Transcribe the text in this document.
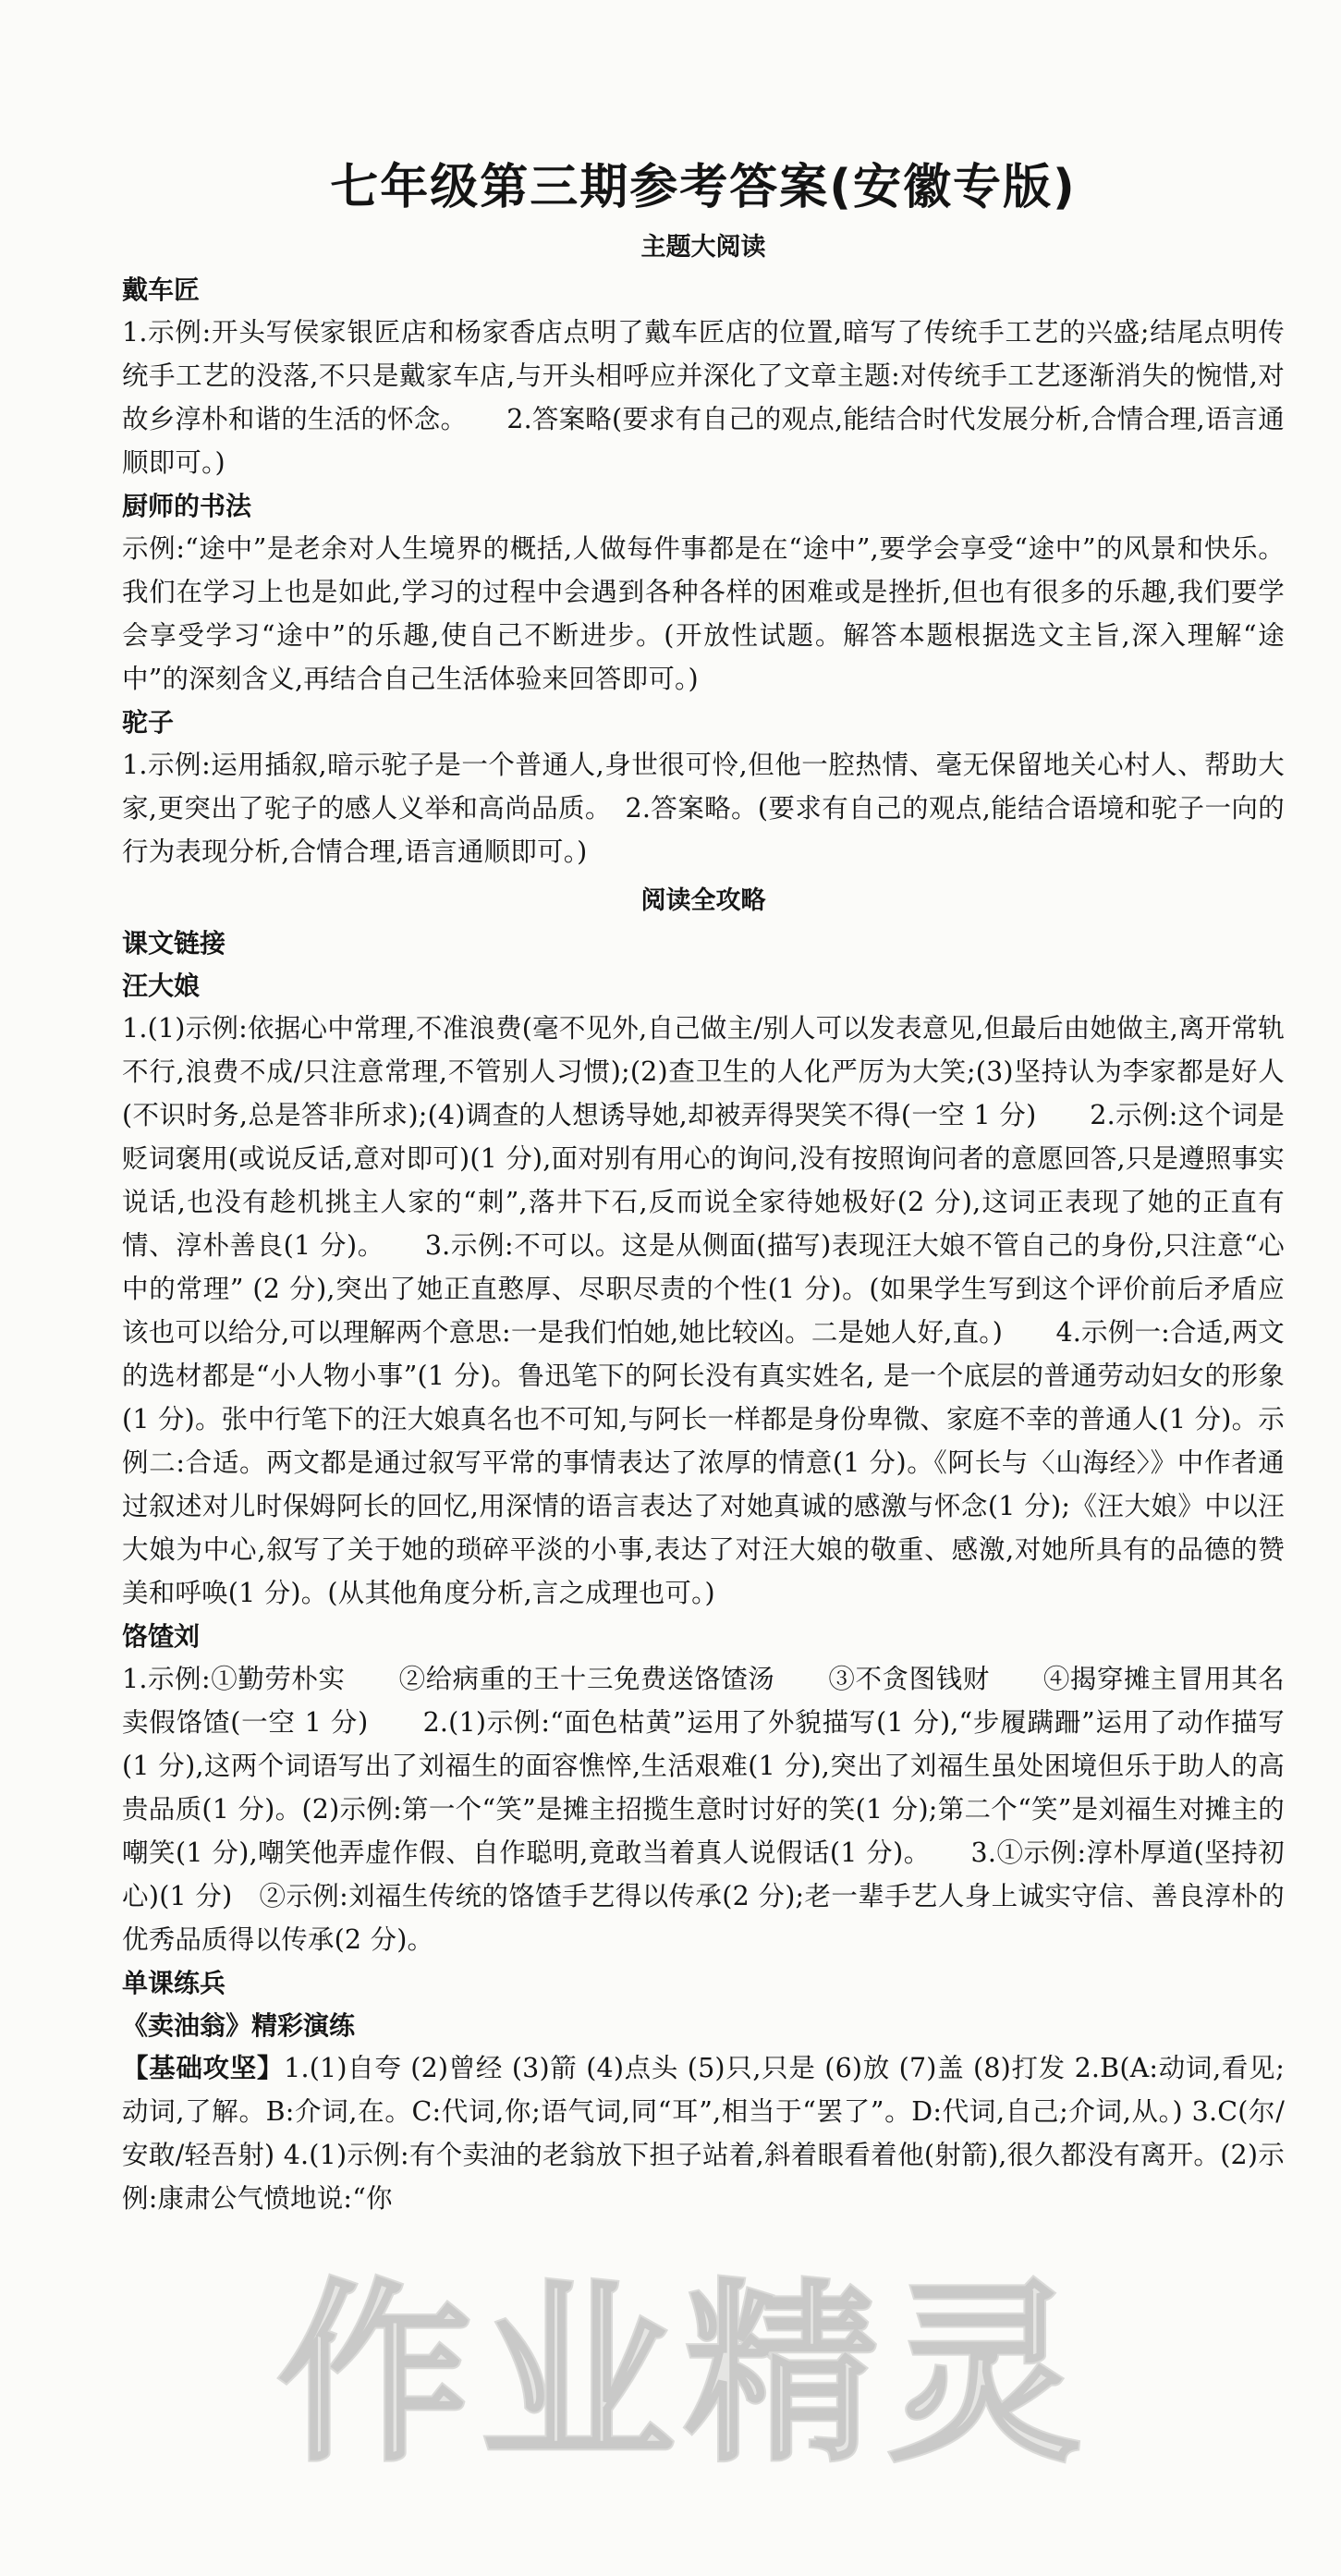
七年级第三期参考答案(安徽专版)
主题大阅读
戴车匠

1.示例:开头写侯家银匠店和杨家香店点明了戴车匠店的位置,暗写了传统手工艺的兴盛;结尾点明传统手工艺的没落,不只是戴家车店,与开头相呼应并深化了文章主题:对传统手工艺逐渐消失的惋惜,对故乡淳朴和谐的生活的怀念。　　2.答案略(要求有自己的观点,能结合时代发展分析,合情合理,语言通顺即可。)

厨师的书法

示例:“途中”是老余对人生境界的概括,人做每件事都是在“途中”,要学会享受“途中”的风景和快乐。我们在学习上也是如此,学习的过程中会遇到各种各样的困难或是挫折,但也有很多的乐趣,我们要学会享受学习“途中”的乐趣,使自己不断进步。(开放性试题。解答本题根据选文主旨,深入理解“途中”的深刻含义,再结合自己生活体验来回答即可。)

驼子

1.示例:运用插叙,暗示驼子是一个普通人,身世很可怜,但他一腔热情、毫无保留地关心村人、帮助大家,更突出了驼子的感人义举和高尚品质。　2.答案略。(要求有自己的观点,能结合语境和驼子一向的行为表现分析,合情合理,语言通顺即可。)

阅读全攻略
课文链接
汪大娘

1.(1)示例:依据心中常理,不准浪费(毫不见外,自己做主/别人可以发表意见,但最后由她做主,离开常轨不行,浪费不成/只注意常理,不管别人习惯);(2)查卫生的人化严厉为大笑;(3)坚持认为李家都是好人(不识时务,总是答非所求);(4)调查的人想诱导她,却被弄得哭笑不得(一空 1 分)　　2.示例:这个词是贬词褒用(或说反话,意对即可)(1 分),面对别有用心的询问,没有按照询问者的意愿回答,只是遵照事实说话,也没有趁机挑主人家的“刺”,落井下石,反而说全家待她极好(2 分),这词正表现了她的正直有情、淳朴善良(1 分)。　　3.示例:不可以。这是从侧面(描写)表现汪大娘不管自己的身份,只注意“心中的常理” (2 分),突出了她正直憨厚、尽职尽责的个性(1 分)。(如果学生写到这个评价前后矛盾应该也可以给分,可以理解两个意思:一是我们怕她,她比较凶。二是她人好,直。)　　4.示例一:合适,两文的选材都是“小人物小事”(1 分)。鲁迅笔下的阿长没有真实姓名, 是一个底层的普通劳动妇女的形象(1 分)。张中行笔下的汪大娘真名也不可知,与阿长一样都是身份卑微、家庭不幸的普通人(1 分)。示例二:合适。两文都是通过叙写平常的事情表达了浓厚的情意(1 分)。《阿长与〈山海经〉》中作者通过叙述对儿时保姆阿长的回忆,用深情的语言表达了对她真诚的感激与怀念(1 分);《汪大娘》中以汪大娘为中心,叙写了关于她的琐碎平淡的小事,表达了对汪大娘的敬重、感激,对她所具有的品德的赞美和呼唤(1 分)。(从其他角度分析,言之成理也可。)

饹馇刘

1.示例:①勤劳朴实　　②给病重的王十三免费送饹馇汤　　③不贪图钱财　　④揭穿摊主冒用其名卖假饹馇(一空 1 分)　　2.(1)示例:“面色枯黄”运用了外貌描写(1 分),“步履蹒跚”运用了动作描写(1 分),这两个词语写出了刘福生的面容憔悴,生活艰难(1 分),突出了刘福生虽处困境但乐于助人的高贵品质(1 分)。(2)示例:第一个“笑”是摊主招揽生意时讨好的笑(1 分);第二个“笑”是刘福生对摊主的嘲笑(1 分),嘲笑他弄虚作假、自作聪明,竟敢当着真人说假话(1 分)。　　3.①示例:淳朴厚道(坚持初心)(1 分)　②示例:刘福生传统的饹馇手艺得以传承(2 分);老一辈手艺人身上诚实守信、善良淳朴的优秀品质得以传承(2 分)。

单课练兵
《卖油翁》精彩演练

【基础攻坚】1.(1)自夸 (2)曾经 (3)箭 (4)点头 (5)只,只是 (6)放 (7)盖 (8)打发 2.B(A:动词,看见;动词,了解。B:介词,在。C:代词,你;语气词,同“耳”,相当于“罢了”。D:代词,自己;介词,从。) 3.C(尔/安敢/轻吾射) 4.(1)示例:有个卖油的老翁放下担子站着,斜着眼看着他(射箭),很久都没有离开。(2)示例:康肃公气愤地说:“你

作业精灵
